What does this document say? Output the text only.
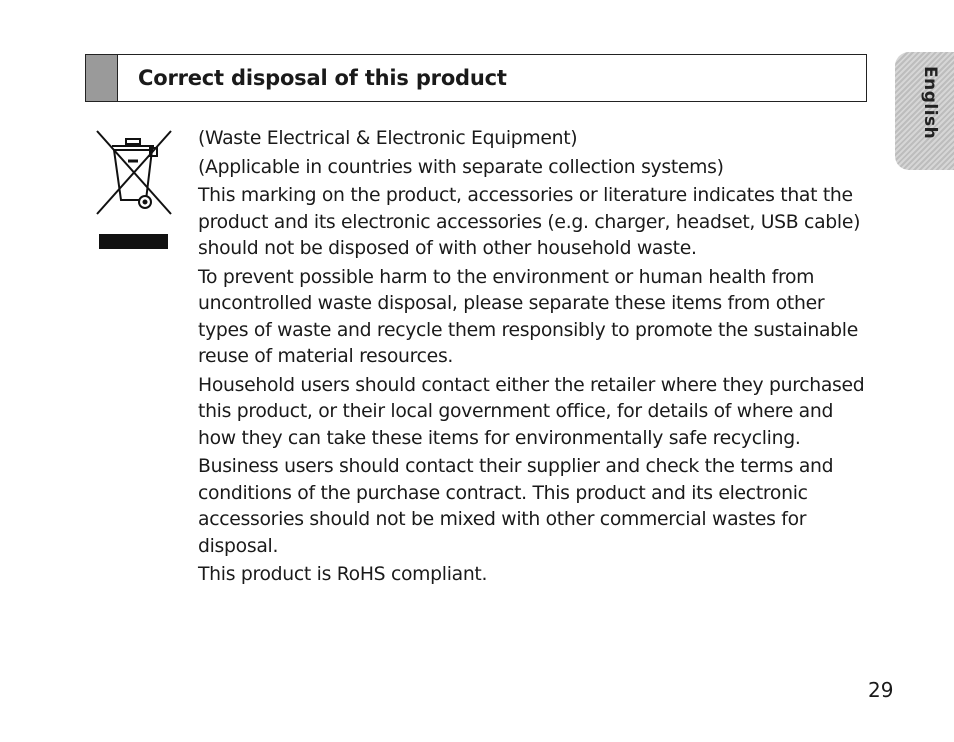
Correct disposal of this product	English

(Waste Electrical & Electronic Equipment)

(Applicable in countries with separate collection systems)

This marking on the product, accessories or literature indicates that the product and its electronic accessories (e.g. charger, headset, USB cable) should not be disposed of with other household waste.

To prevent possible harm to the environment or human health from uncontrolled waste disposal, please separate these items from other types of waste and recycle them responsibly to promote the sustainable reuse of material resources.

Household users should contact either the retailer where they purchased this product, or their local government office, for details of where and how they can take these items for environmentally safe recycling.

Business users should contact their supplier and check the terms and conditions of the purchase contract. This product and its electronic accessories should not be mixed with other commercial wastes for disposal.

This product is RoHS compliant.

29
